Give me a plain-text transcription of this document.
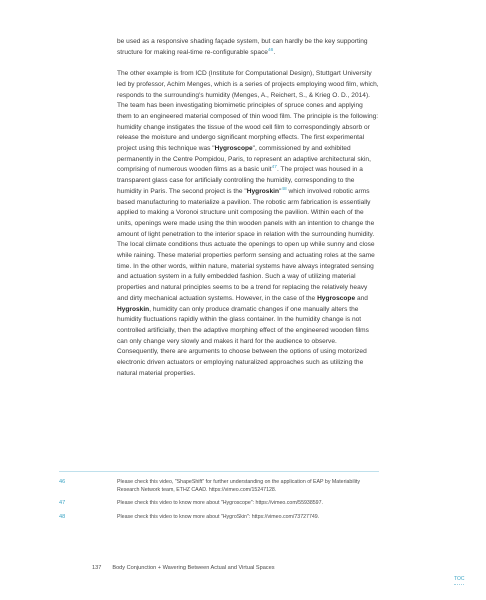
be used as a responsive shading façade system, but can hardly be the key supporting structure for making real-time re-configurable space$^{46}$.

The other example is from ICD (Institute for Computational Design), Stuttgart University led by professor, Achim Menges, which is a series of projects employing wood film, which, responds to the surrounding's humidity (Menges, A., Reichert, S., & Krieg O. D., 2014). The team has been investigating biomimetic principles of spruce cones and applying them to an engineered material composed of thin wood film. The principle is the following: humidity change instigates the tissue of the wood cell film to correspondingly absorb or release the moisture and undergo significant morphing effects. The first experimental project using this technique was "Hygroscope", commissioned by and exhibited permanently in the Centre Pompidou, Paris, to represent an adaptive architectural skin, comprising of numerous wooden films as a basic unit$^{47}$. The project was housed in a transparent glass case for artificially controlling the humidity, corresponding to the humidity in Paris. The second project is the "Hygroskin"$^{48}$ which involved robotic arms based manufacturing to materialize a pavilion. The robotic arm fabrication is essentially applied to making a Voronoi structure unit composing the pavilion. Within each of the units, openings were made using the thin wooden panels with an intention to change the amount of light penetration to the interior space in relation with the surrounding humidity. The local climate conditions thus actuate the openings to open up while sunny and close while raining. These material properties perform sensing and actuating roles at the same time. In the other words, within nature, material systems have always integrated sensing and actuation system in a fully embedded fashion. Such a way of utilizing material properties and natural principles seems to be a trend for replacing the relatively heavy and dirty mechanical actuation systems. However, in the case of the Hygroscope and Hygroskin, humidity can only produce dramatic changes if one manually alters the humidity fluctuations rapidly within the glass container. In the humidity change is not controlled artificially, then the adaptive morphing effect of the engineered wooden films can only change very slowly and makes it hard for the audience to observe. Consequently, there are arguments to choose between the options of using motorized electronic driven actuators or employing naturalized approaches such as utilizing the natural material properties.

46	Please check this video, "ShapeShift" for further understanding on the application of EAP by Materiability Research Network team, ETHZ CAAD. https://vimeo.com/15247128.
47	Please check this video to know more about "Hygroscope": https://vimeo.com/55938597.
48	Please check this video to know more about "HygroSkin": https://vimeo.com/73727749.
137 Body Conjunction + Wavering Between Actual and Virtual Spaces
TOC
